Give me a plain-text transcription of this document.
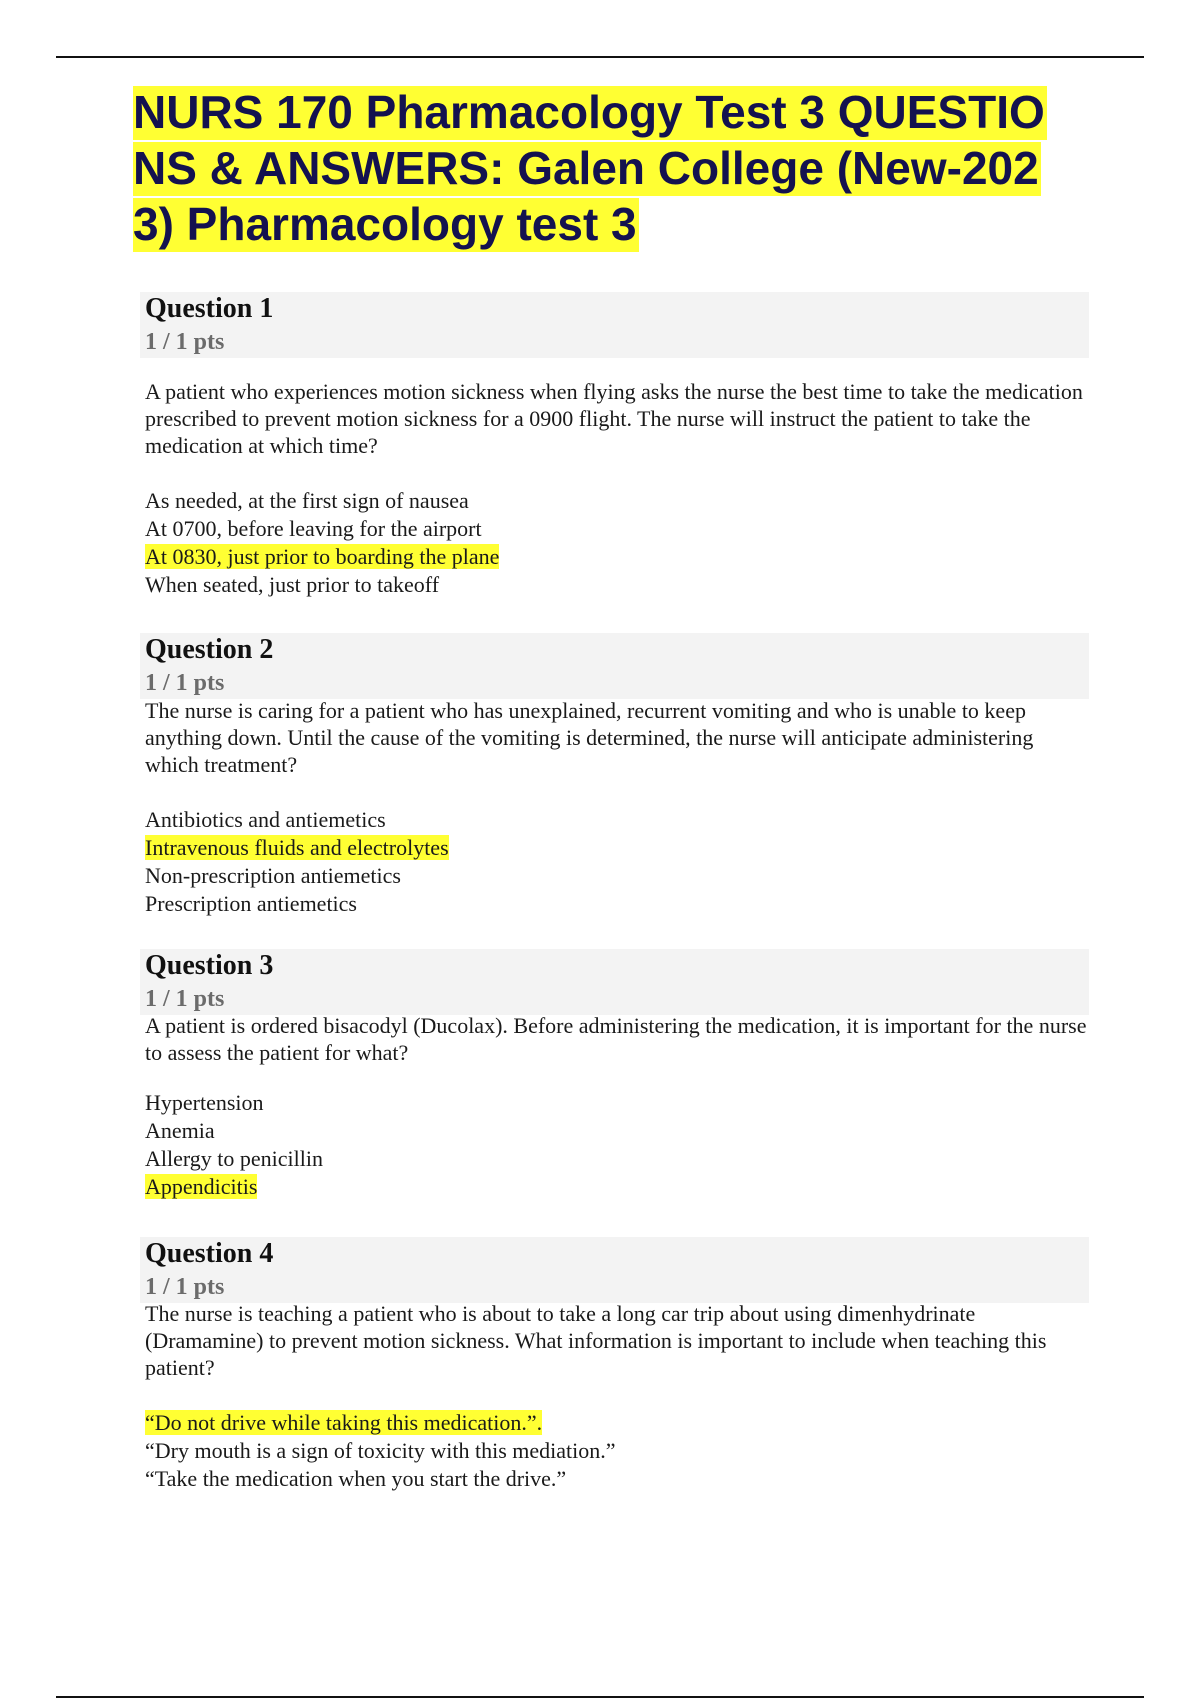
NURS 170 Pharmacology Test 3 QUESTIO
NS & ANSWERS: Galen College (New-202
3) Pharmacology test 3
Question 1
1 / 1 pts

A patient who experiences motion sickness when flying asks the nurse the best time to take the medication prescribed to prevent motion sickness for a 0900 flight. The nurse will instruct the patient to take the medication at which time?

As needed, at the first sign of nausea
At 0700, before leaving for the airport
At 0830, just prior to boarding the plane
When seated, just prior to takeoff
Question 2
1 / 1 pts

The nurse is caring for a patient who has unexplained, recurrent vomiting and who is unable to keep anything down. Until the cause of the vomiting is determined, the nurse will anticipate administering which treatment?

Antibiotics and antiemetics
Intravenous fluids and electrolytes
Non-prescription antiemetics
Prescription antiemetics
Question 3
1 / 1 pts

A patient is ordered bisacodyl (Ducolax). Before administering the medication, it is important for the nurse to assess the patient for what?

Hypertension
Anemia
Allergy to penicillin
Appendicitis
Question 4
1 / 1 pts

The nurse is teaching a patient who is about to take a long car trip about using dimenhydrinate (Dramamine) to prevent motion sickness. What information is important to include when teaching this patient?

“Do not drive while taking this medication.”.
“Dry mouth is a sign of toxicity with this mediation.”
“Take the medication when you start the drive.”
